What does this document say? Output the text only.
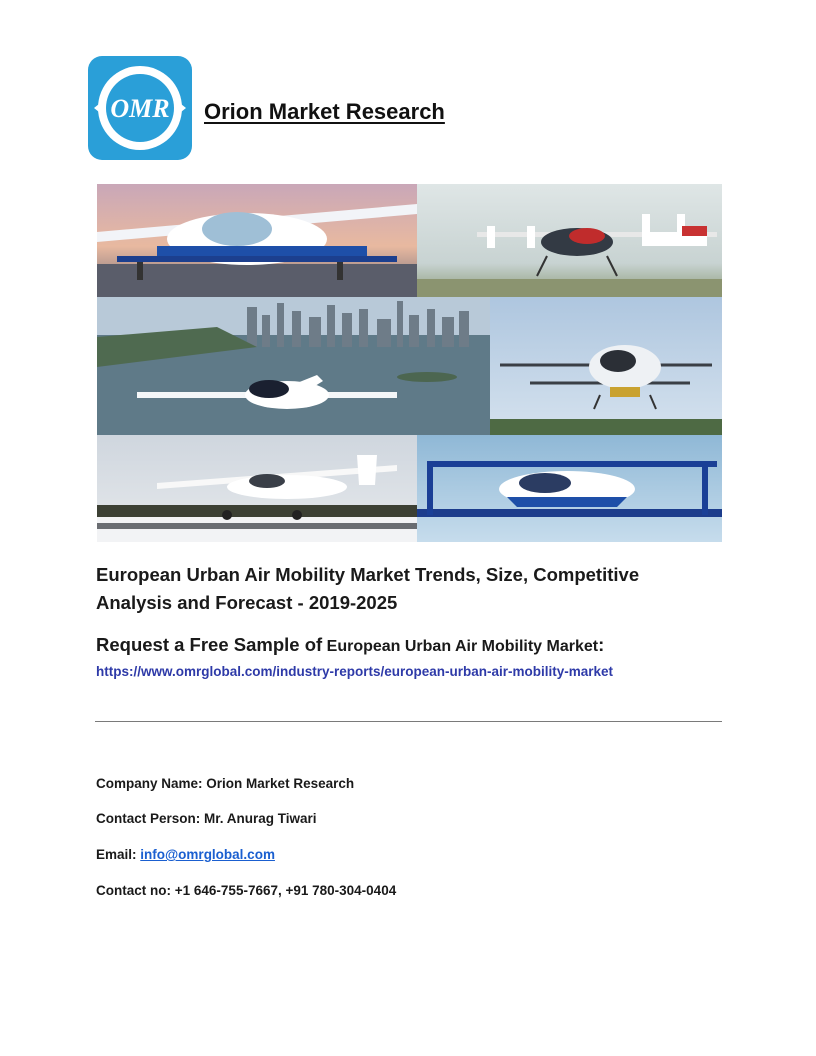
OMR Orion Market Research
European Urban Air Mobility Market Trends, Size, Competitive
Analysis and Forecast - 2019-2025
Request a Free Sample of European Urban Air Mobility Market:
https://www.omrglobal.com/industry-reports/european-urban-air-mobility-market
Company Name: Orion Market Research
Contact Person: Mr. Anurag Tiwari
Email: info@omrglobal.com
Contact no: +1 646-755-7667, +91 780-304-0404
